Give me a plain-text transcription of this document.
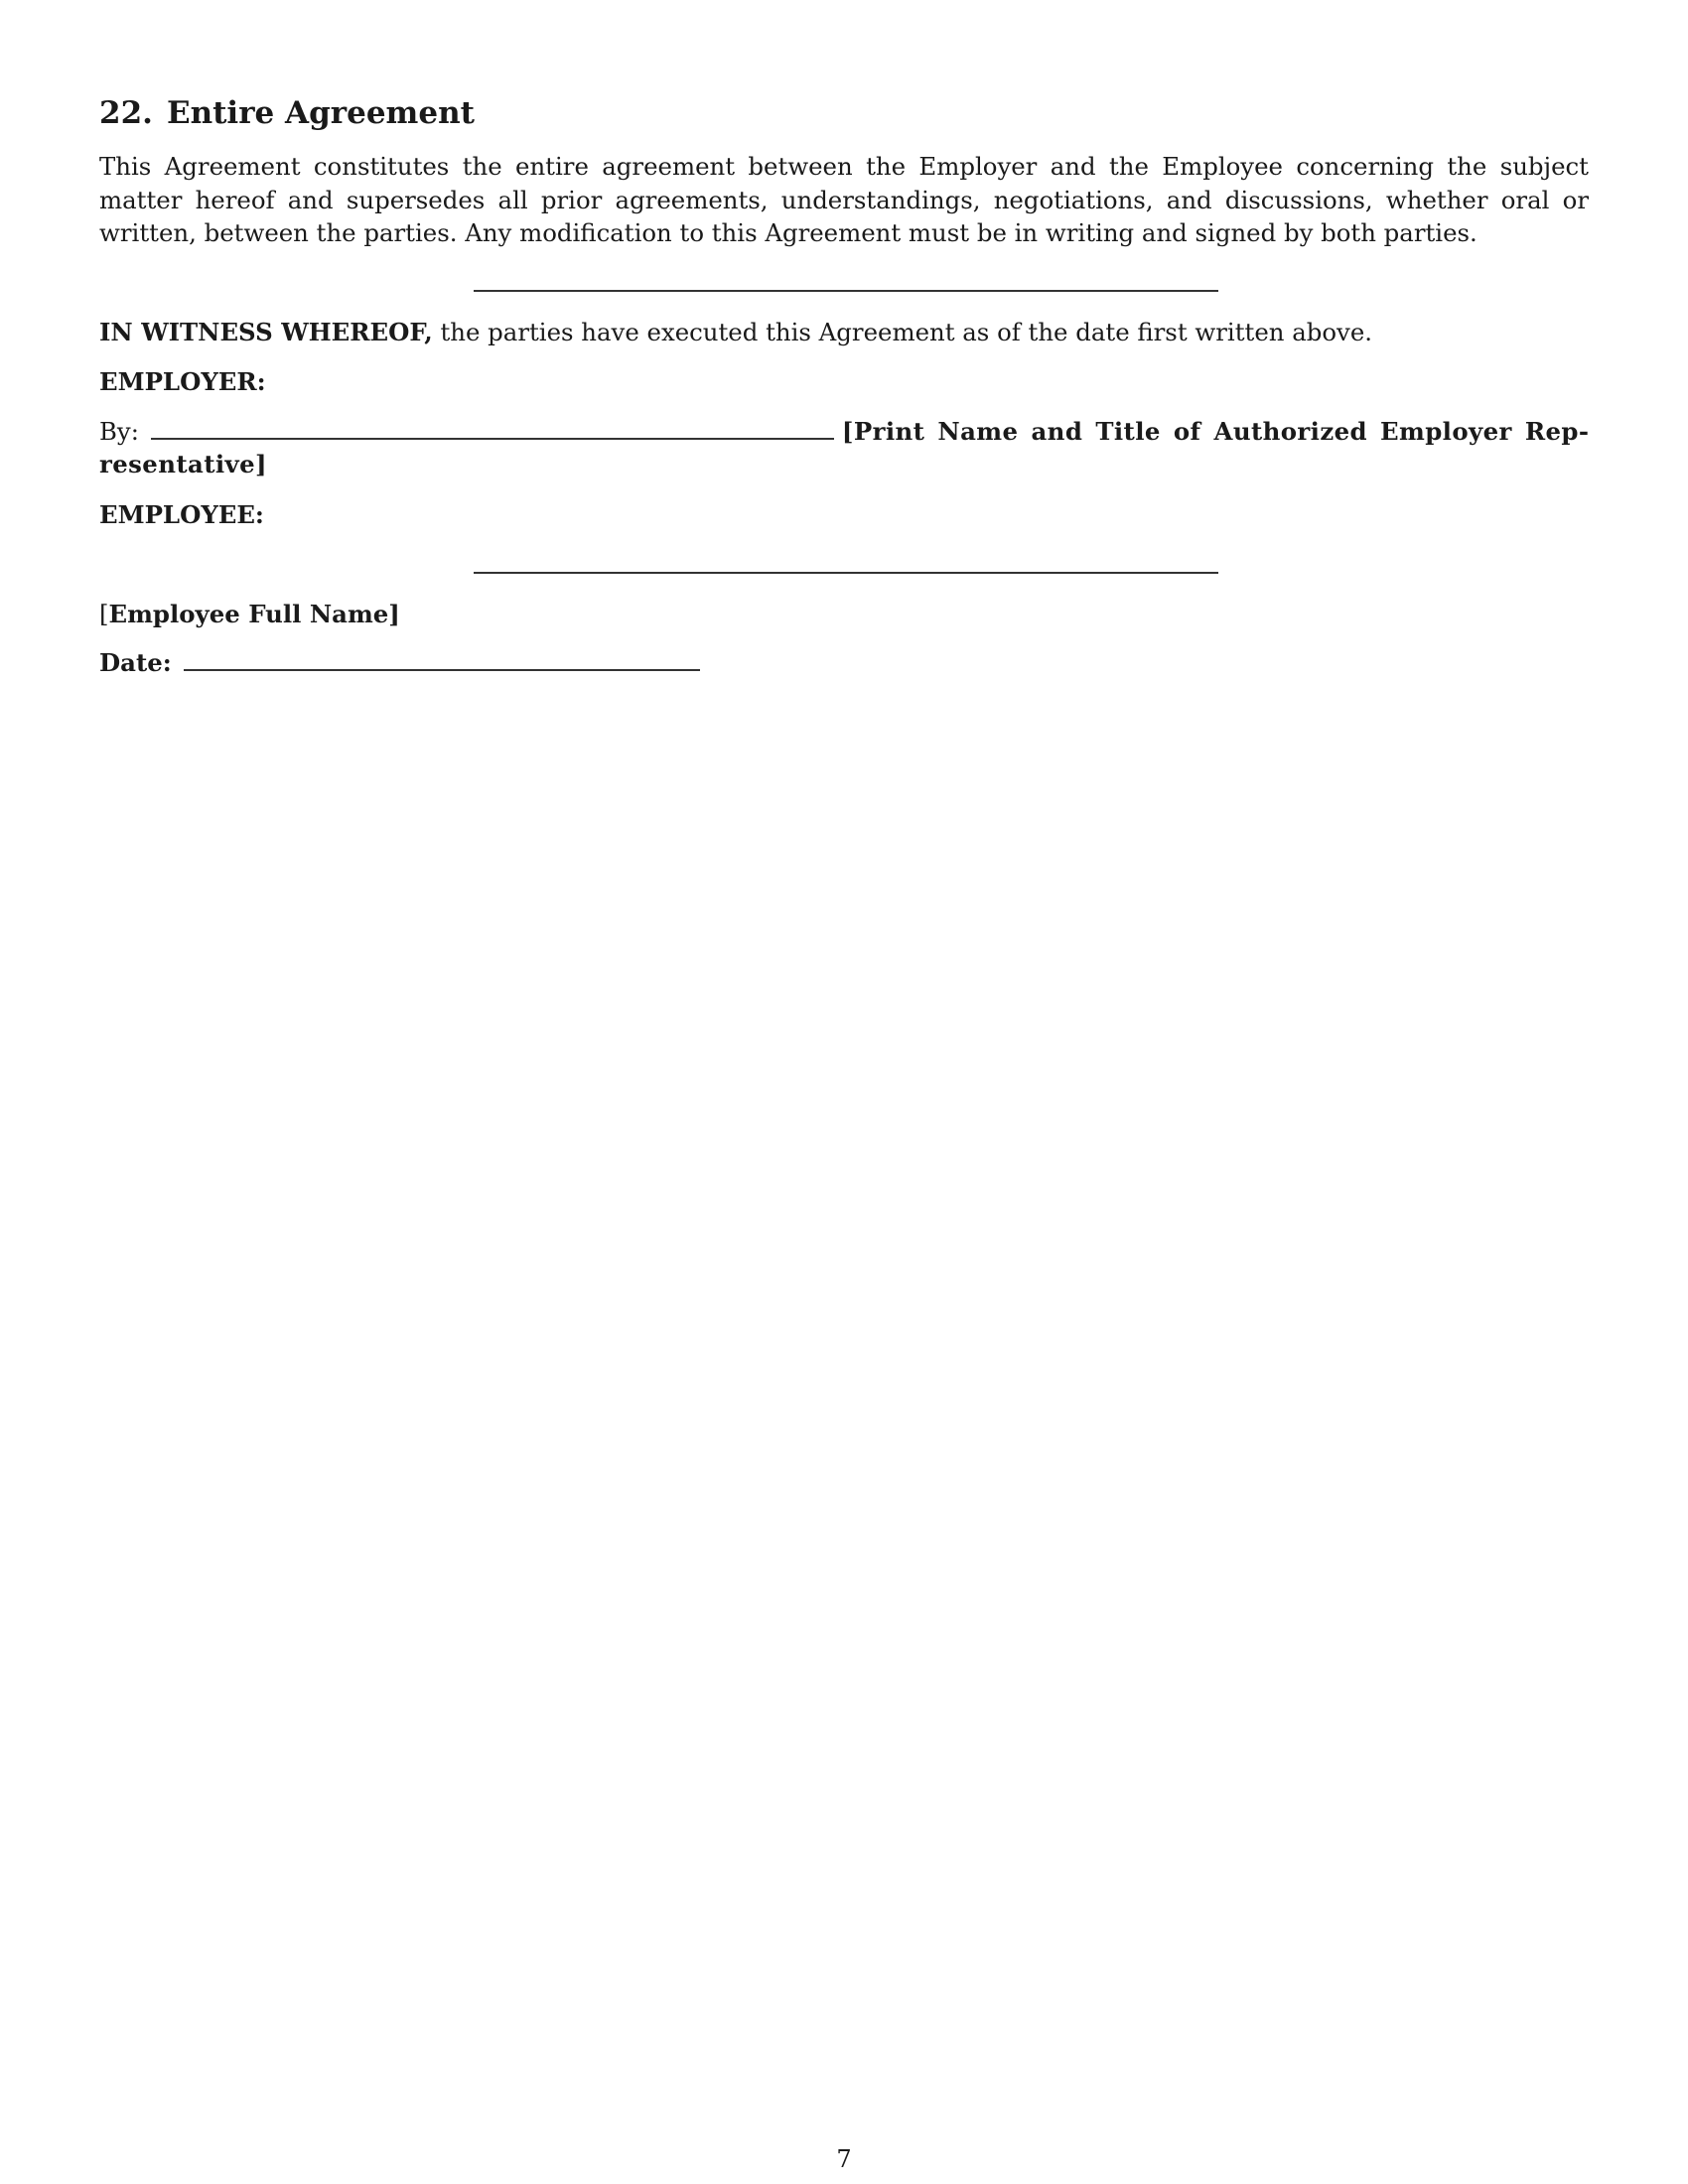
22. Entire Agreement

This Agreement constitutes the entire agreement between the Employer and the Employee concerning the subject matter hereof and supersedes all prior agreements, understandings, negotiations, and discussions, whether oral or written, between the parties. Any modification to this Agreement must be in writing and signed by both parties.

IN WITNESS WHEREOF, the parties have executed this Agreement as of the date first written above.

EMPLOYER:

By:	[Print Name and Title of Authorized Employer Representative]

EMPLOYEE:

[Employee Full Name]

Date:

7
